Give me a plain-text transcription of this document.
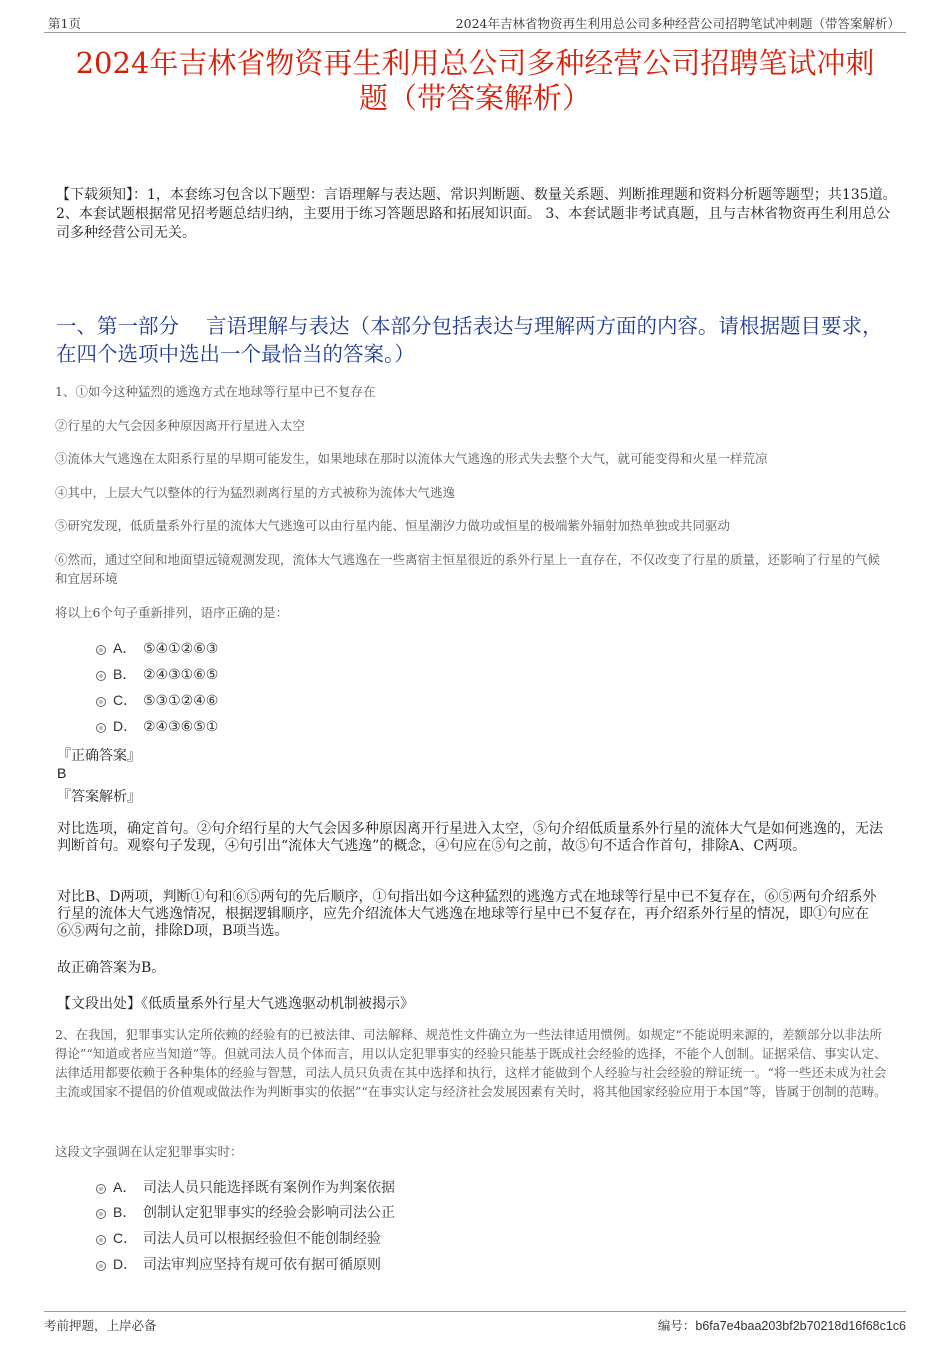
第1页	2024年吉林省物资再生利用总公司多种经营公司招聘笔试冲刺题（带答案解析）
2024年吉林省物资再生利用总公司多种经营公司招聘笔试冲刺
题（带答案解析）
【下载须知】：1，本套练习包含以下题型：言语理解与表达题、常识判断题、数量关系题、判断推理题和资料分析题等题型；共135道。 2、本套试题根据常见招考题总结归纳，主要用于练习答题思路和拓展知识面。 3、本套试题非考试真题，且与吉林省物资再生利用总公司多种经营公司无关。
一、第一部分　 言语理解与表达（本部分包括表达与理解两方面的内容。请根据题目要求，在四个选项中选出一个最恰当的答案。）
1、①如今这种猛烈的逃逸方式在地球等行星中已不复存在
②行星的大气会因多种原因离开行星进入太空
③流体大气逃逸在太阳系行星的早期可能发生，如果地球在那时以流体大气逃逸的形式失去整个大气，就可能变得和火星一样荒凉
④其中，上层大气以整体的行为猛烈剥离行星的方式被称为流体大气逃逸
⑤研究发现，低质量系外行星的流体大气逃逸可以由行星内能、恒星潮汐力做功或恒星的极端紫外辐射加热单独或共同驱动
⑥然而，通过空间和地面望远镜观测发现，流体大气逃逸在一些离宿主恒星很近的系外行星上一直存在，不仅改变了行星的质量，还影响了行星的气候和宜居环境
将以上6个句子重新排列，语序正确的是：
A． ⑤④①②⑥③
B． ②④③①⑥⑤
C． ⑤③①②④⑥
D． ②④③⑥⑤①
『正确答案』
B
『答案解析』
对比选项，确定首句。②句介绍行星的大气会因多种原因离开行星进入太空，⑤句介绍低质量系外行星的流体大气是如何逃逸的，无法判断首句。观察句子发现，④句引出“流体大气逃逸”的概念，④句应在⑤句之前，故⑤句不适合作首句，排除A、C两项。
对比B、D两项，判断①句和⑥⑤两句的先后顺序，①句指出如今这种猛烈的逃逸方式在地球等行星中已不复存在，⑥⑤两句介绍系外行星的流体大气逃逸情况，根据逻辑顺序，应先介绍流体大气逃逸在地球等行星中已不复存在，再介绍系外行星的情况，即①句应在⑥⑤两句之前，排除D项，B项当选。
故正确答案为B。
【文段出处】《低质量系外行星大气逃逸驱动机制被揭示》
2、在我国，犯罪事实认定所依赖的经验有的已被法律、司法解释、规范性文件确立为一些法律适用惯例。如规定“不能说明来源的，差额部分以非法所得论”“知道或者应当知道”等。但就司法人员个体而言，用以认定犯罪事实的经验只能基于既成社会经验的选择，不能个人创制。证据采信、事实认定、法律适用都要依赖于各种集体的经验与智慧，司法人员只负责在其中选择和执行，这样才能做到个人经验与社会经验的辩证统一。“将一些还未成为社会主流或国家不提倡的价值观或做法作为判断事实的依据”“在事实认定与经济社会发展因素有关时，将其他国家经验应用于本国”等，皆属于创制的范畴。
这段文字强调在认定犯罪事实时：
A． 司法人员只能选择既有案例作为判案依据
B． 创制认定犯罪事实的经验会影响司法公正
C． 司法人员可以根据经验但不能创制经验
D． 司法审判应坚持有规可依有据可循原则
考前押题，上岸必备	编号：b6fa7e4baa203bf2b70218d16f68c1c6
